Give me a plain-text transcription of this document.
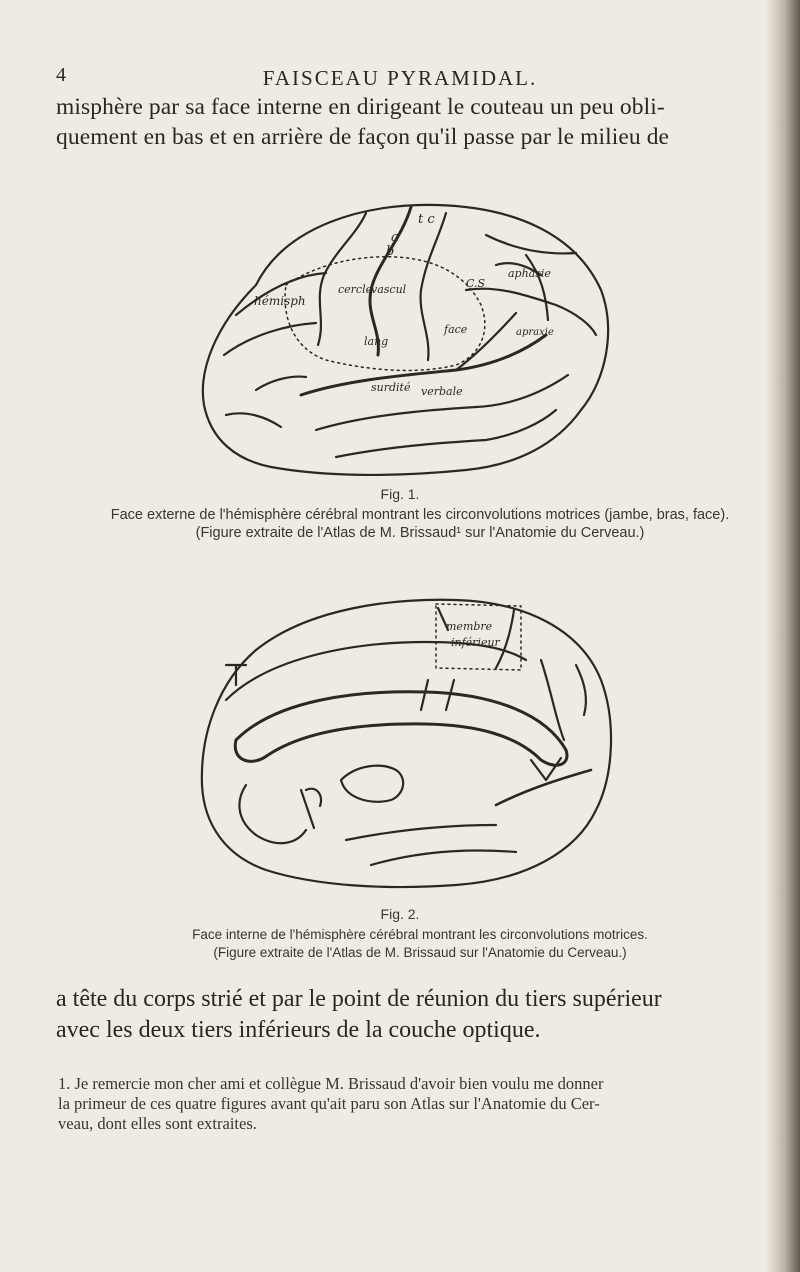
4	FAISCEAU PYRAMIDAL.
misphère par sa face interne en dirigeant le couteau un peu obli-
quement en bas et en arrière de façon qu'il passe par le milieu de
a
b
t c
hémisph
cercle
vascul
face
lang
aphasie
apraxie
surdité verbale
C.S
Fig. 1.
Face externe de l'hémisphère cérébral montrant les circonvolutions motrices (jambe, bras, face).
(Figure extraite de l'Atlas de M. Brissaud¹ sur l'Anatomie du Cerveau.)
membre
inférieur
Fig. 2.
Face interne de l'hémisphère cérébral montrant les circonvolutions motrices.
(Figure extraite de l'Atlas de M. Brissaud sur l'Anatomie du Cerveau.)
a tête du corps strié et par le point de réunion du tiers supérieur
avec les deux tiers inférieurs de la couche optique.
1. Je remercie mon cher ami et collègue M. Brissaud d'avoir bien voulu me donner
la primeur de ces quatre figures avant qu'ait paru son Atlas sur l'Anatomie du Cer-
veau, dont elles sont extraites.
